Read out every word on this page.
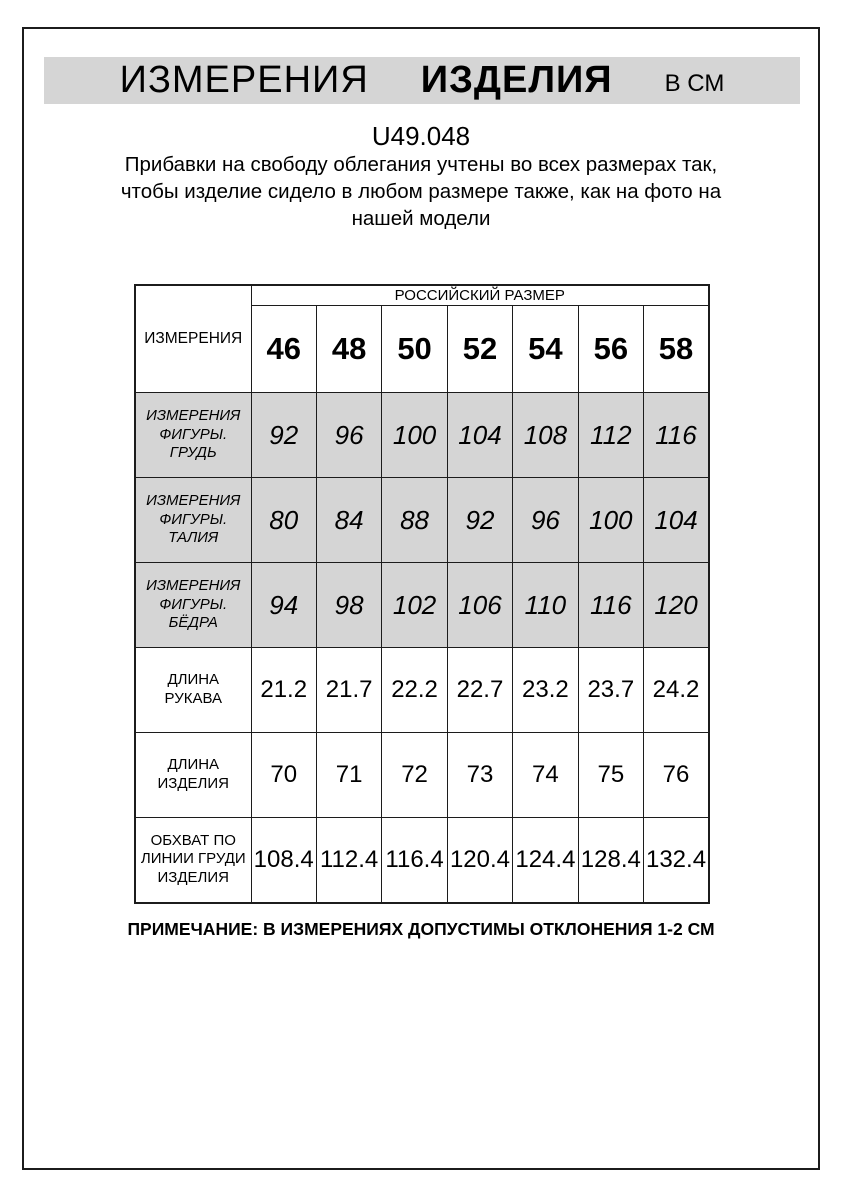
ИЗМЕРЕНИЯ ИЗДЕЛИЯ В СМ
U49.048

Прибавки на свободу облегания учтены во всех размерах так, чтобы изделие сидело в любом размере также, как на фото на нашей модели

ИЗМЕРЕНИЯ	РОССИЙСКИЙ РАЗМЕР						
	46	48	50	52	54	56	58
ИЗМЕРЕНИЯ ФИГУРЫ. ГРУДЬ	92	96	100	104	108	112	116
ИЗМЕРЕНИЯ ФИГУРЫ. ТАЛИЯ	80	84	88	92	96	100	104
ИЗМЕРЕНИЯ ФИГУРЫ. БЁДРА	94	98	102	106	110	116	120
ДЛИНА РУКАВА	21.2	21.7	22.2	22.7	23.2	23.7	24.2
ДЛИНА ИЗДЕЛИЯ	70	71	72	73	74	75	76
ОБХВАТ ПО ЛИНИИ ГРУДИ ИЗДЕЛИЯ	108.4	112.4	116.4	120.4	124.4	128.4	132.4
ПРИМЕЧАНИЕ: В ИЗМЕРЕНИЯХ ДОПУСТИМЫ ОТКЛОНЕНИЯ 1-2 СМ
